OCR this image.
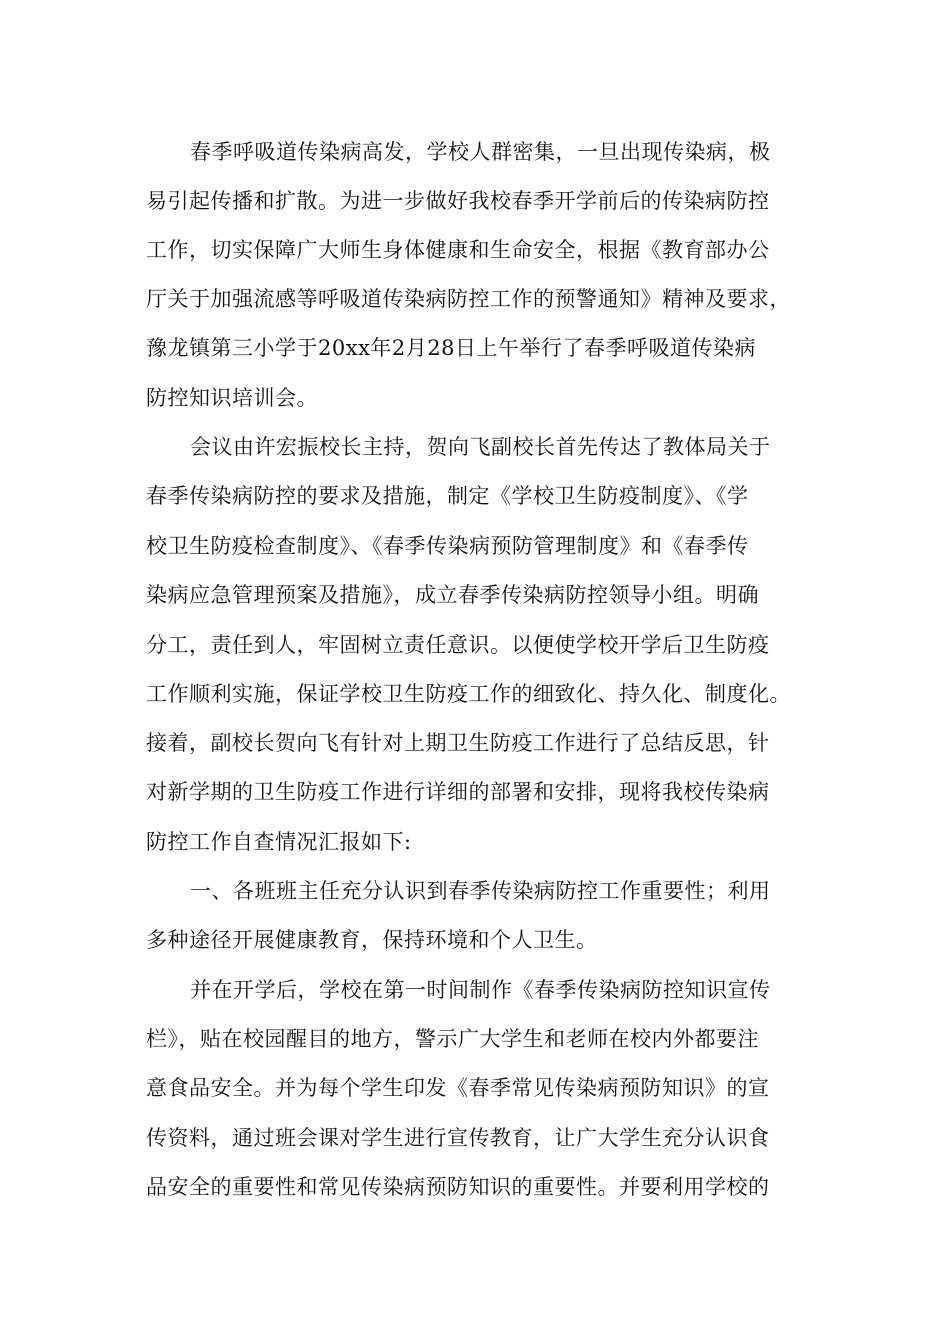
春季呼吸道传染病高发，学校人群密集，一旦出现传染病，极
易引起传播和扩散。为进一步做好我校春季开学前后的传染病防控
工作，切实保障广大师生身体健康和生命安全，根据《教育部办公
厅关于加强流感等呼吸道传染病防控工作的预警通知》精神及要求，
豫龙镇第三小学于20xx年2月28日上午举行了春季呼吸道传染病
防控知识培训会。
会议由许宏振校长主持，贺向飞副校长首先传达了教体局关于
春季传染病防控的要求及措施，制定《学校卫生防疫制度》、《学
校卫生防疫检查制度》、《春季传染病预防管理制度》和《春季传
染病应急管理预案及措施》，成立春季传染病防控领导小组。明确
分工，责任到人，牢固树立责任意识。以便使学校开学后卫生防疫
工作顺利实施，保证学校卫生防疫工作的细致化、持久化、制度化。
接着，副校长贺向飞有针对上期卫生防疫工作进行了总结反思，针
对新学期的卫生防疫工作进行详细的部署和安排，现将我校传染病
防控工作自查情况汇报如下:
一、各班班主任充分认识到春季传染病防控工作重要性；利用
多种途径开展健康教育，保持环境和个人卫生。
并在开学后，学校在第一时间制作《春季传染病防控知识宣传
栏》，贴在校园醒目的地方，警示广大学生和老师在校内外都要注
意食品安全。并为每个学生印发《春季常见传染病预防知识》的宣
传资料，通过班会课对学生进行宣传教育，让广大学生充分认识食
品安全的重要性和常见传染病预防知识的重要性。并要利用学校的
